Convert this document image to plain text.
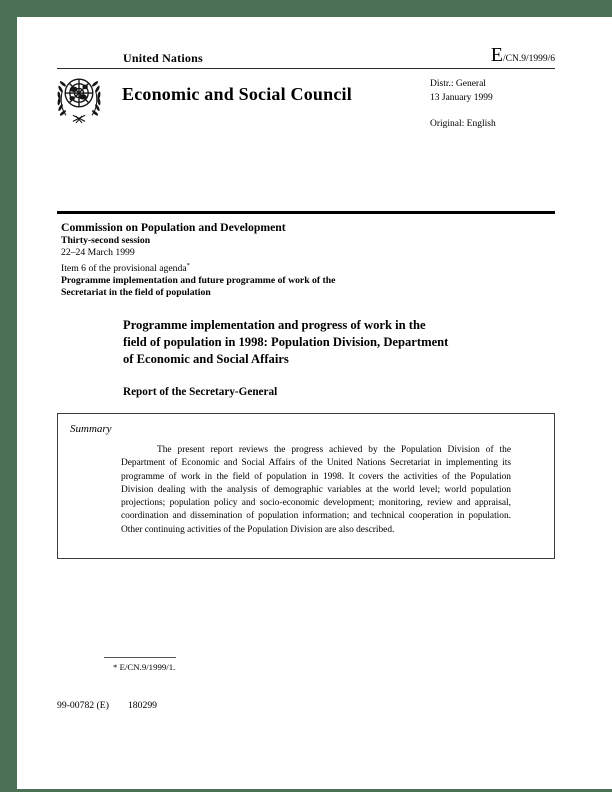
United Nations	E/CN.9/1999/6
Economic and Social Council	Distr.: General
13 January 1999
Original: English
Commission on Population and Development
Thirty-second session
22–24 March 1999
Item 6 of the provisional agenda*
Programme implementation and future programme of work of the
Secretariat in the field of population
Programme implementation and progress of work in the
field of population in 1998: Population Division, Department
of Economic and Social Affairs
Report of the Secretary-General
Summary
The present report reviews the progress achieved by the Population Division of the Department of Economic and Social Affairs of the United Nations Secretariat in implementing its programme of work in the field of population in 1998. It covers the activities of the Population Division dealing with the analysis of demographic variables at the world level; world population projections; population policy and socio-economic development; monitoring, review and appraisal, coordination and dissemination of population information; and technical cooperation in population. Other continuing activities of the Population Division are also described.
* E/CN.9/1999/1.
99-00782 (E) 180299
